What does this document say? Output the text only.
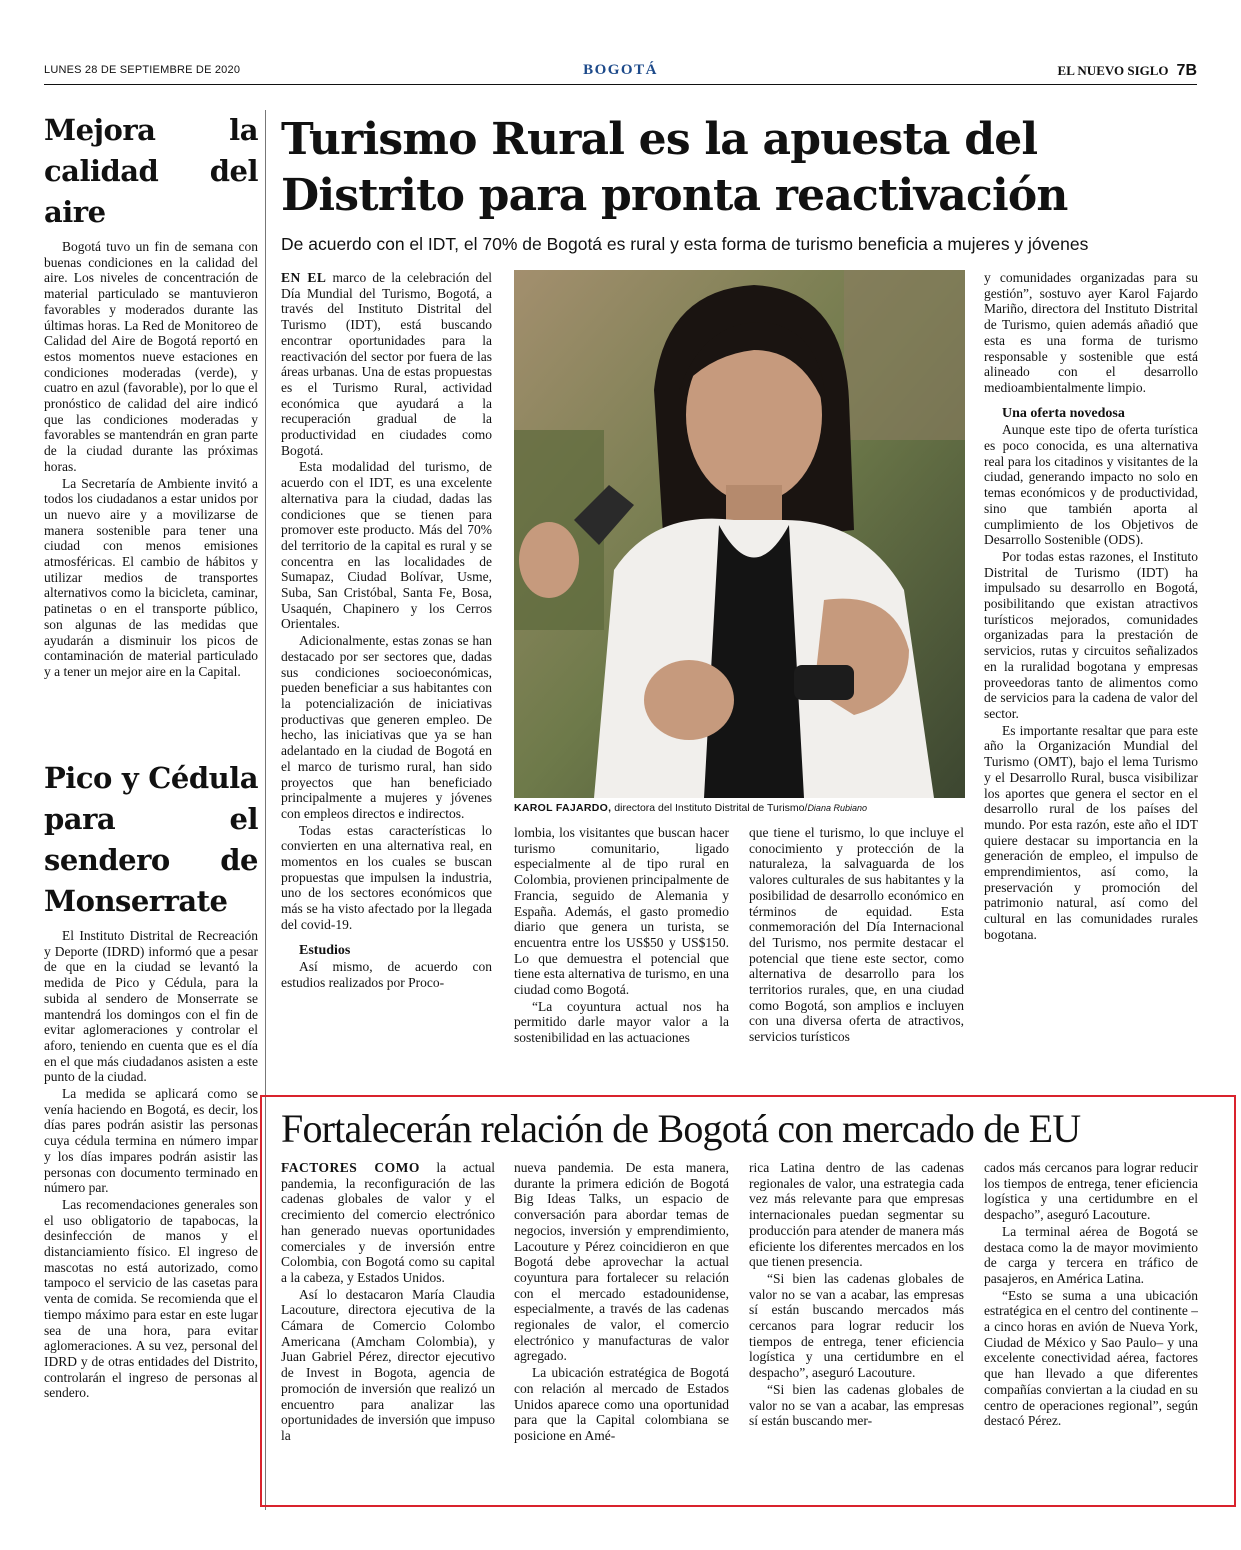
LUNES 28 DE SEPTIEMBRE DE 2020	BOGOTÁ	EL NUEVO SIGLO 7B
Mejora la calidad del aire

Bogotá tuvo un fin de semana con buenas condiciones en la calidad del aire. Los niveles de concentración de material particulado se mantuvieron favorables y moderados durante las últimas horas. La Red de Monitoreo de Calidad del Aire de Bogotá reportó en estos momentos nueve estaciones en condiciones moderadas (verde), y cuatro en azul (favorable), por lo que el pronóstico de calidad del aire indicó que las condiciones moderadas y favorables se mantendrán en gran parte de la ciudad durante las próximas horas.

La Secretaría de Ambiente invitó a todos los ciudadanos a estar unidos por un nuevo aire y a movilizarse de manera sostenible para tener una ciudad con menos emisiones atmosféricas. El cambio de hábitos y utilizar medios de transportes alternativos como la bicicleta, caminar, patinetas o en el transporte público, son algunas de las medidas que ayudarán a disminuir los picos de contaminación de material particulado y a tener un mejor aire en la Capital.

Pico y Cédula para el sendero de Monserrate

El Instituto Distrital de Recreación y Deporte (IDRD) informó que a pesar de que en la ciudad se levantó la medida de Pico y Cédula, para la subida al sendero de Monserrate se mantendrá los domingos con el fin de evitar aglomeraciones y controlar el aforo, teniendo en cuenta que es el día en el que más ciudadanos asisten a este punto de la ciudad.

La medida se aplicará como se venía haciendo en Bogotá, es decir, los días pares podrán asistir las personas cuya cédula termina en número impar y los días impares podrán asistir las personas con documento terminado en número par.

Las recomendaciones generales son el uso obligatorio de tapabocas, la desinfección de manos y el distanciamiento físico. El ingreso de mascotas no está autorizado, como tampoco el servicio de las casetas para venta de comida. Se recomienda que el tiempo máximo para estar en este lugar sea de una hora, para evitar aglomeraciones. A su vez, personal del IDRD y de otras entidades del Distrito, controlarán el ingreso de personas al sendero.

Turismo Rural es la apuesta del Distrito para pronta reactivación
De acuerdo con el IDT, el 70% de Bogotá es rural y esta forma de turismo beneficia a mujeres y jóvenes

EN EL marco de la celebración del Día Mundial del Turismo, Bogotá, a través del Instituto Distrital del Turismo (IDT), está buscando encontrar oportunidades para la reactivación del sector por fuera de las áreas urbanas. Una de estas propuestas es el Turismo Rural, actividad económica que ayudará a la recuperación gradual de la productividad en ciudades como Bogotá.

Esta modalidad del turismo, de acuerdo con el IDT, es una excelente alternativa para la ciudad, dadas las condiciones que se tienen para promover este producto. Más del 70% del territorio de la capital es rural y se concentra en las localidades de Sumapaz, Ciudad Bolívar, Usme, Suba, San Cristóbal, Santa Fe, Bosa, Usaquén, Chapinero y los Cerros Orientales.

Adicionalmente, estas zonas se han destacado por ser sectores que, dadas sus condiciones socioeconómicas, pueden beneficiar a sus habitantes con la potencialización de iniciativas productivas que generen empleo. De hecho, las iniciativas que ya se han adelantado en la ciudad de Bogotá en el marco de turismo rural, han sido proyectos que han beneficiado principalmente a mujeres y jóvenes con empleos directos e indirectos.

Todas estas características lo convierten en una alternativa real, en momentos en los cuales se buscan propuestas que impulsen la industria, uno de los sectores económicos que más se ha visto afectado por la llegada del covid-19.

Estudios

Así mismo, de acuerdo con estudios realizados por Proco-

KAROL FAJARDO, directora del Instituto Distrital de Turismo/Diana Rubiano

lombia, los visitantes que buscan hacer turismo comunitario, ligado especialmente al de tipo rural en Colombia, provienen principalmente de Francia, seguido de Alemania y España. Además, el gasto promedio diario que genera un turista, se encuentra entre los US$50 y US$150. Lo que demuestra el potencial que tiene esta alternativa de turismo, en una ciudad como Bogotá.

“La coyuntura actual nos ha permitido darle mayor valor a la sostenibilidad en las actuaciones

que tiene el turismo, lo que incluye el conocimiento y protección de la naturaleza, la salvaguarda de los valores culturales de sus habitantes y la posibilidad de desarrollo económico en términos de equidad. Esta conmemoración del Día Internacional del Turismo, nos permite destacar el potencial que tiene este sector, como alternativa de desarrollo para los territorios rurales, que, en una ciudad como Bogotá, son amplios e incluyen con una diversa oferta de atractivos, servicios turísticos

y comunidades organizadas para su gestión”, sostuvo ayer Karol Fajardo Mariño, directora del Instituto Distrital de Turismo, quien además añadió que esta es una forma de turismo responsable y sostenible que está alineado con el desarrollo medioambientalmente limpio.

Una oferta novedosa

Aunque este tipo de oferta turística es poco conocida, es una alternativa real para los citadinos y visitantes de la ciudad, generando impacto no solo en temas económicos y de productividad, sino que también aporta al cumplimiento de los Objetivos de Desarrollo Sostenible (ODS).

Por todas estas razones, el Instituto Distrital de Turismo (IDT) ha impulsado su desarrollo en Bogotá, posibilitando que existan atractivos turísticos mejorados, comunidades organizadas para la prestación de servicios, rutas y circuitos señalizados en la ruralidad bogotana y empresas proveedoras tanto de alimentos como de servicios para la cadena de valor del sector.

Es importante resaltar que para este año la Organización Mundial del Turismo (OMT), bajo el lema Turismo y el Desarrollo Rural, busca visibilizar los aportes que genera el sector en el desarrollo rural de los países del mundo. Por esta razón, este año el IDT quiere destacar su importancia en la generación de empleo, el impulso de emprendimientos, así como, la preservación y promoción del patrimonio natural, así como del cultural en las comunidades rurales bogotana.

Fortalecerán relación de Bogotá con mercado de EU

FACTORES COMO la actual pandemia, la reconfiguración de las cadenas globales de valor y el crecimiento del comercio electrónico han generado nuevas oportunidades comerciales y de inversión entre Colombia, con Bogotá como su capital a la cabeza, y Estados Unidos.

Así lo destacaron María Claudia Lacouture, directora ejecutiva de la Cámara de Comercio Colombo Americana (Amcham Colombia), y Juan Gabriel Pérez, director ejecutivo de Invest in Bogota, agencia de promoción de inversión que realizó un encuentro para analizar las oportunidades de inversión que impuso la

nueva pandemia. De esta manera, durante la primera edición de Bogotá Big Ideas Talks, un espacio de conversación para abordar temas de negocios, inversión y emprendimiento, Lacouture y Pérez coincidieron en que Bogotá debe aprovechar la actual coyuntura para fortalecer su relación con el mercado estadounidense, especialmente, a través de las cadenas regionales de valor, el comercio electrónico y manufacturas de valor agregado.

La ubicación estratégica de Bogotá con relación al mercado de Estados Unidos aparece como una oportunidad para que la Capital colombiana se posicione en Amé-

rica Latina dentro de las cadenas regionales de valor, una estrategia cada vez más relevante para que empresas internacionales puedan segmentar su producción para atender de manera más eficiente los diferentes mercados en los que tienen presencia.

“Si bien las cadenas globales de valor no se van a acabar, las empresas sí están buscando mercados más cercanos para lograr reducir los tiempos de entrega, tener eficiencia logística y una certidumbre en el despacho”, aseguró Lacouture.

“Si bien las cadenas globales de valor no se van a acabar, las empresas sí están buscando mer-

cados más cercanos para lograr reducir los tiempos de entrega, tener eficiencia logística y una certidumbre en el despacho”, aseguró Lacouture.

La terminal aérea de Bogotá se destaca como la de mayor movimiento de carga y tercera en tráfico de pasajeros, en América Latina.

“Esto se suma a una ubicación estratégica en el centro del continente –a cinco horas en avión de Nueva York, Ciudad de México y Sao Paulo– y una excelente conectividad aérea, factores que han llevado a que diferentes compañías conviertan a la ciudad en su centro de operaciones regional”, según destacó Pérez.
